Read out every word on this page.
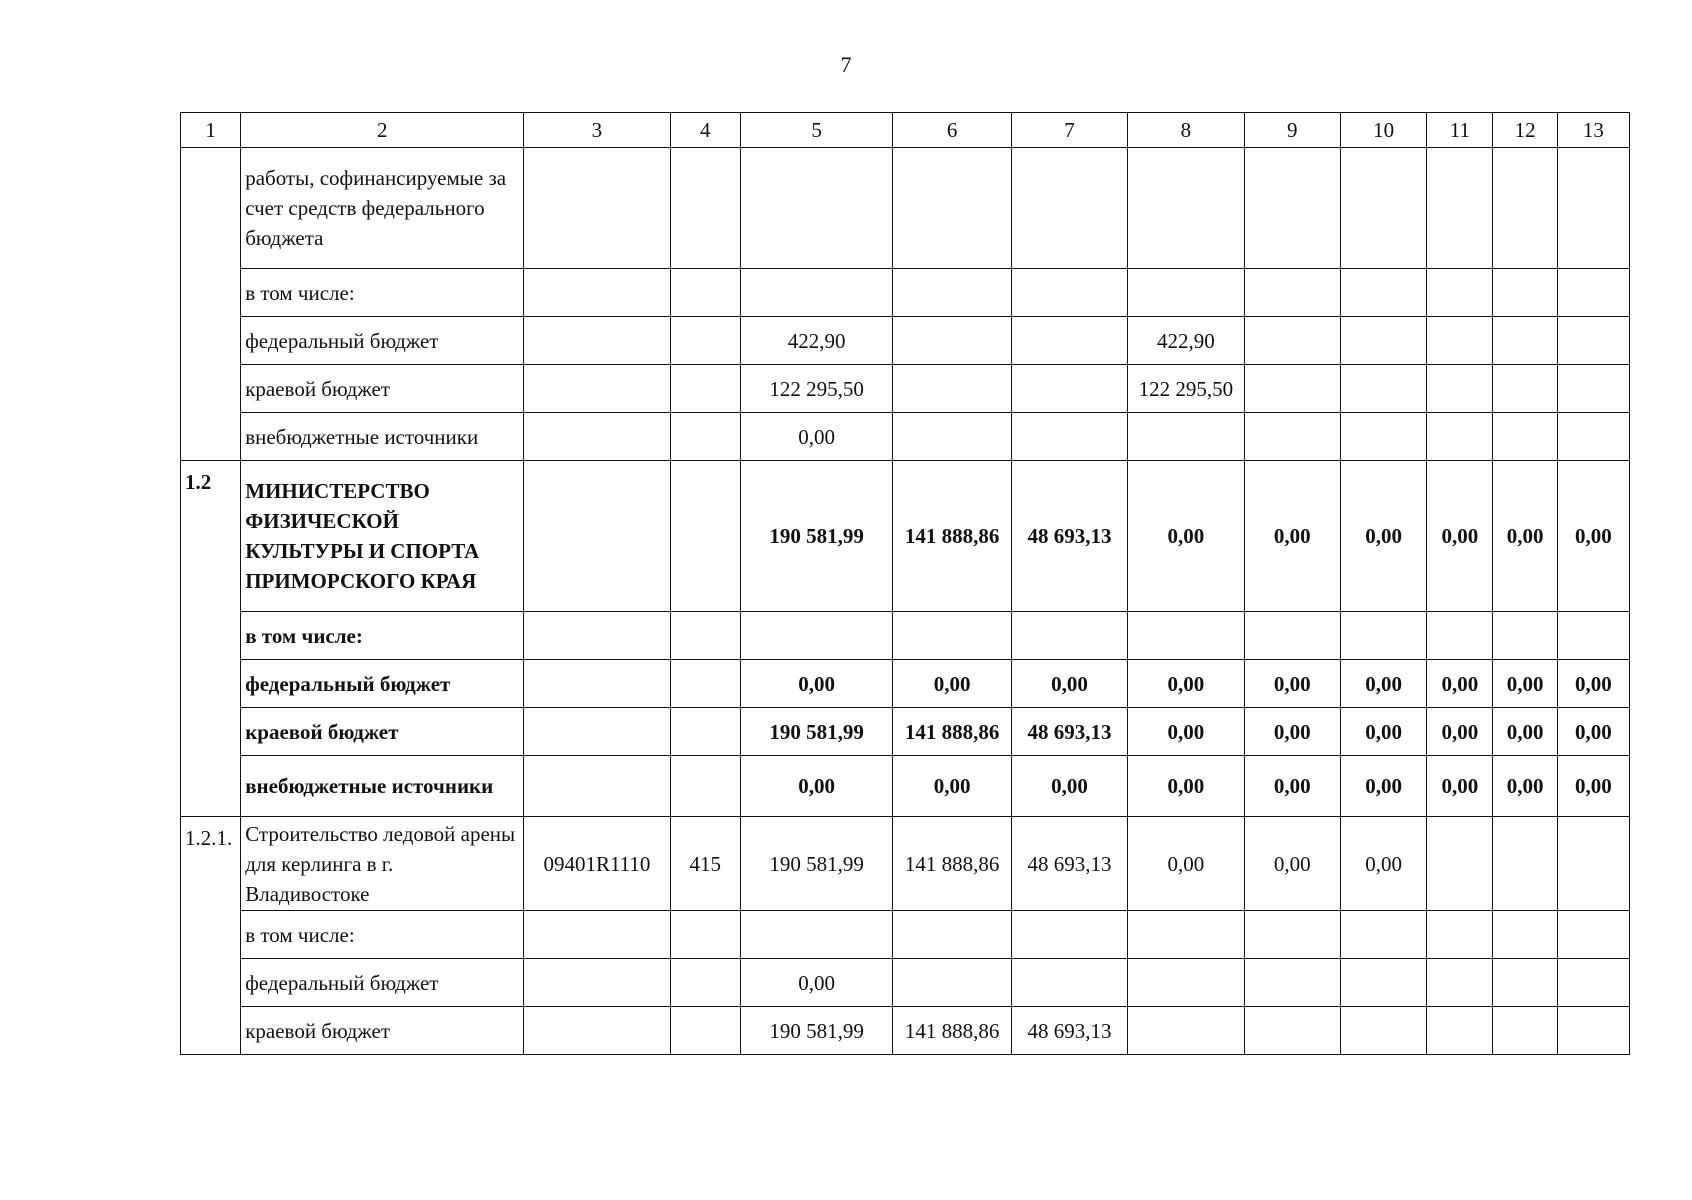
7
1	2	3	4	5	6	7	8	9	10	11	12	13
	работы, софинансируемые за счет средств федерального бюджета											
	в том числе:											
	федеральный бюджет			422,90			422,90					
	краевой бюджет			122 295,50			122 295,50					
	внебюджетные источники			0,00								
1.2	МИНИСТЕРСТВО ФИЗИЧЕСКОЙ КУЛЬТУРЫ И СПОРТА ПРИМОРСКОГО КРАЯ			190 581,99	141 888,86	48 693,13	0,00	0,00	0,00	0,00	0,00	0,00
	в том числе:											
	федеральный бюджет			0,00	0,00	0,00	0,00	0,00	0,00	0,00	0,00	0,00
	краевой бюджет			190 581,99	141 888,86	48 693,13	0,00	0,00	0,00	0,00	0,00	0,00
	внебюджетные источники			0,00	0,00	0,00	0,00	0,00	0,00	0,00	0,00	0,00
1.2.1.	Строительство ледовой арены для керлинга в г. Владивостоке	09401R1110	415	190 581,99	141 888,86	48 693,13	0,00	0,00	0,00			
	в том числе:											
	федеральный бюджет			0,00								
	краевой бюджет			190 581,99	141 888,86	48 693,13						
